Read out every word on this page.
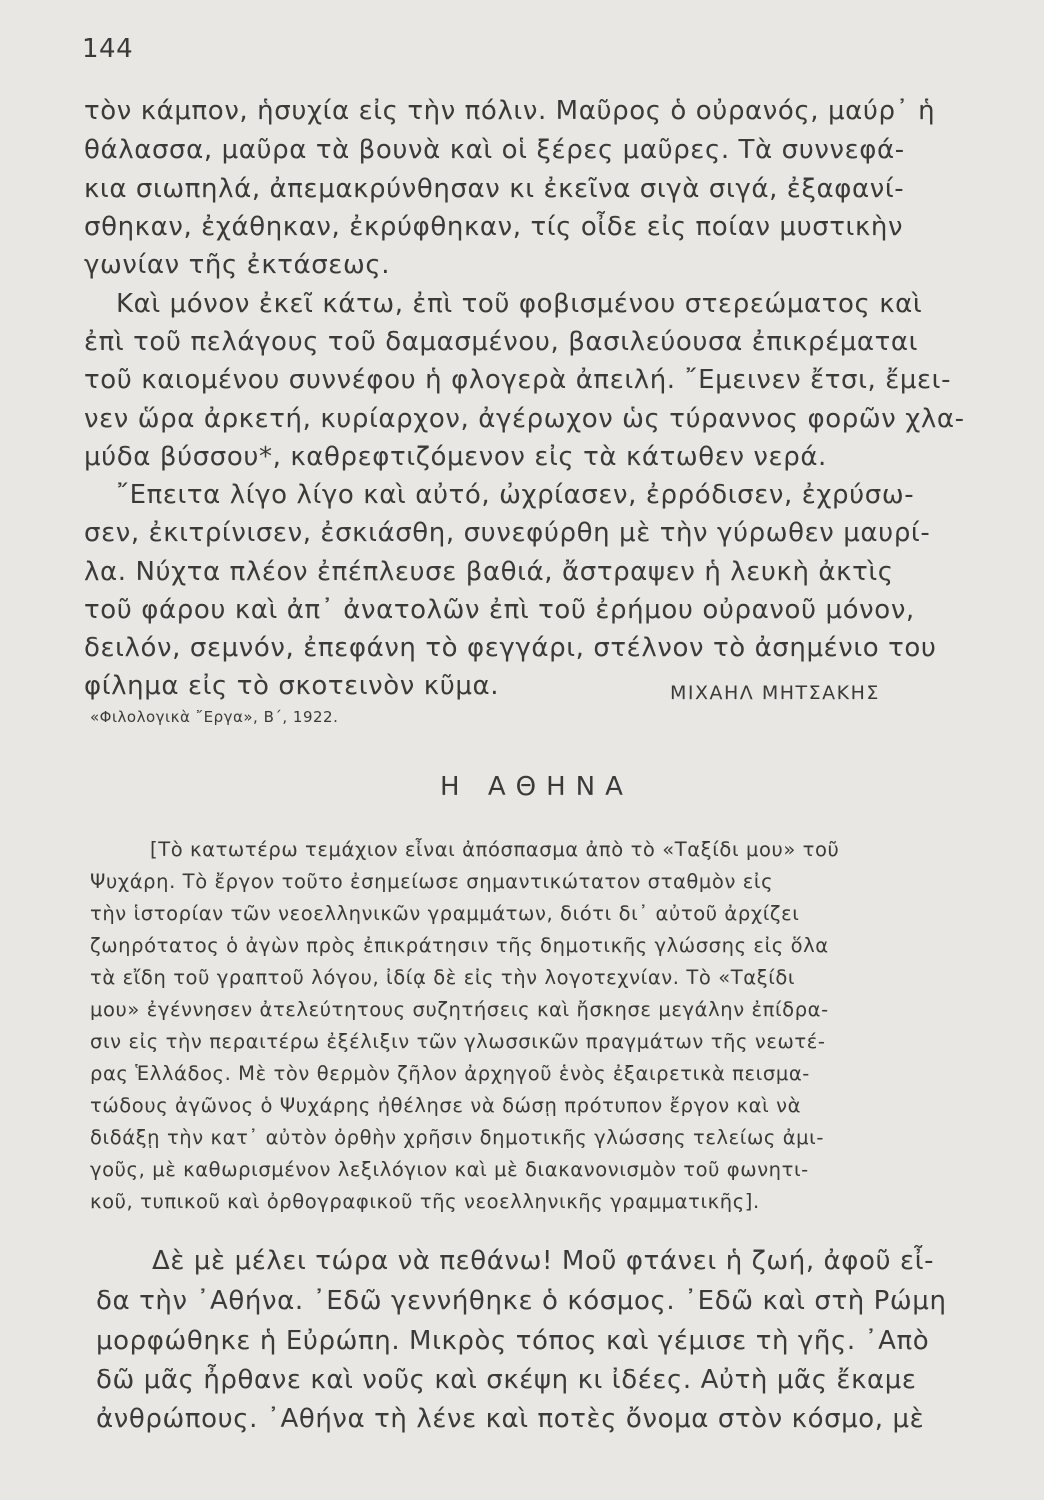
144
τὸν κάμπον, ἡσυχία εἰς τὴν πόλιν. Μαῦρος ὁ οὐρανός, μαύρ᾽ ἡ
θάλασσα, μαῦρα τὰ βουνὰ καὶ οἱ ξέρες μαῦρες. Τὰ συννεφά-
κια σιωπηλά, ἀπεμακρύνθησαν κι ἐκεῖνα σιγὰ σιγά, ἐξαφανί-
σθηκαν, ἐχάθηκαν, ἐκρύφθηκαν, τίς οἶδε εἰς ποίαν μυστικὴν
γωνίαν τῆς ἐκτάσεως.
Καὶ μόνον ἐκεῖ κάτω, ἐπὶ τοῦ φοβισμένου στερεώματος καὶ
ἐπὶ τοῦ πελάγους τοῦ δαμασμένου, βασιλεύουσα ἐπικρέμαται
τοῦ καιομένου συννέφου ἡ φλογερὰ ἀπειλή. ῎Εμεινεν ἔτσι, ἔμει-
νεν ὥρα ἀρκετή, κυρίαρχον, ἀγέρωχον ὡς τύραννος φορῶν χλα-
μύδα βύσσου*, καθρεφτιζόμενον εἰς τὰ κάτωθεν νερά.
῎Επειτα λίγο λίγο καὶ αὐτό, ὠχρίασεν, ἐρρόδισεν, ἐχρύσω-
σεν, ἐκιτρίνισεν, ἐσκιάσθη, συνεφύρθη μὲ τὴν γύρωθεν μαυρί-
λα. Νύχτα πλέον ἐπέπλευσε βαθιά, ἄστραψεν ἡ λευκὴ ἀκτὶς
τοῦ φάρου καὶ ἀπ᾽ ἀνατολῶν ἐπὶ τοῦ ἐρήμου οὐρανοῦ μόνον,
δειλόν, σεμνόν, ἐπεφάνη τὸ φεγγάρι, στέλνον τὸ ἀσημένιο του
φίλημα εἰς τὸ σκοτεινὸν κῦμα.	ΜΙΧΑΗΛ ΜΗΤΣΑΚΗΣ
«Φιλολογικὰ ῎Εργα», Β΄, 1922.
Η ΑΘΗΝΑ
[Τὸ κατωτέρω τεμάχιον εἶναι ἀπόσπασμα ἀπὸ τὸ «Ταξίδι μου» τοῦ
Ψυχάρη. Τὸ ἔργον τοῦτο ἐσημείωσε σημαντικώτατον σταθμὸν εἰς
τὴν ἱστορίαν τῶν νεοελληνικῶν γραμμάτων, διότι δι᾽ αὐτοῦ ἀρχίζει
ζωηρότατος ὁ ἀγὼν πρὸς ἐπικράτησιν τῆς δημοτικῆς γλώσσης εἰς ὅλα
τὰ εἴδη τοῦ γραπτοῦ λόγου, ἰδίᾳ δὲ εἰς τὴν λογοτεχνίαν. Τὸ «Ταξίδι
μου» ἐγέννησεν ἀτελεύτητους συζητήσεις καὶ ἤσκησε μεγάλην ἐπίδρα-
σιν εἰς τὴν περαιτέρω ἐξέλιξιν τῶν γλωσσικῶν πραγμάτων τῆς νεωτέ-
ρας Ἑλλάδος. Μὲ τὸν θερμὸν ζῆλον ἀρχηγοῦ ἑνὸς ἐξαιρετικὰ πεισμα-
τώδους ἀγῶνος ὁ Ψυχάρης ἠθέλησε νὰ δώσῃ πρότυπον ἔργον καὶ νὰ
διδάξῃ τὴν κατ᾽ αὐτὸν ὀρθὴν χρῆσιν δημοτικῆς γλώσσης τελείως ἀμι-
γοῦς, μὲ καθωρισμένον λεξιλόγιον καὶ μὲ διακανονισμὸν τοῦ φωνητι-
κοῦ, τυπικοῦ καὶ ὀρθογραφικοῦ τῆς νεοελληνικῆς γραμματικῆς].
Δὲ μὲ μέλει τώρα νὰ πεθάνω! Μοῦ φτάνει ἡ ζωή, ἀφοῦ εἶ-
δα τὴν ᾽Αθήνα. ᾽Εδῶ γεννήθηκε ὁ κόσμος. ᾽Εδῶ καὶ στὴ Ρώμη
μορφώθηκε ἡ Εὐρώπη. Μικρὸς τόπος καὶ γέμισε τὴ γῆς. ᾽Απὸ
δῶ μᾶς ἦρθανε καὶ νοῦς καὶ σκέψη κι ἰδέες. Αὐτὴ μᾶς ἔκαμε
ἀνθρώπους. ᾽Αθήνα τὴ λένε καὶ ποτὲς ὄνομα στὸν κόσμο, μὲ
